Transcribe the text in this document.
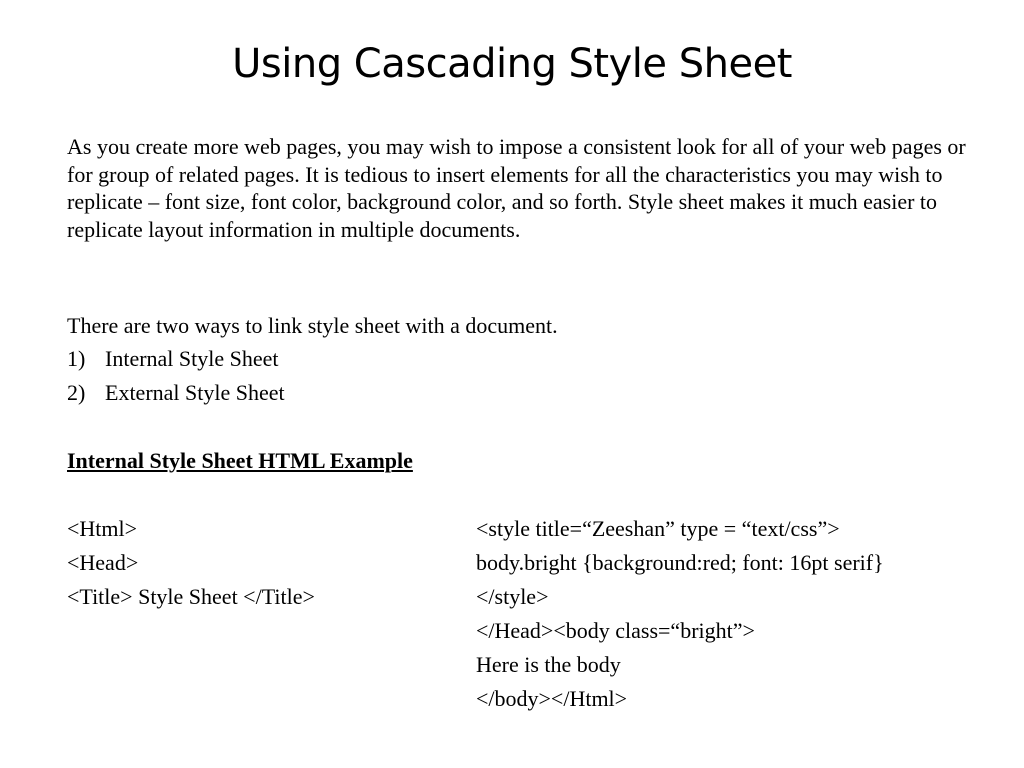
Using Cascading Style Sheet

As you create more web pages, you may wish to impose a consistent look for all of your web pages or for group of related pages. It is tedious to insert elements for all the characteristics you may wish to replicate – font size, font color, background color, and so forth. Style sheet makes it much easier to replicate layout information in multiple documents.

There are two ways to link style sheet with a document.
1) Internal Style Sheet
2) External Style Sheet
Internal Style Sheet HTML Example
<Html>
<Head>
<Title> Style Sheet </Title>
<style title=“Zeeshan” type = “text/css”>
body.bright {background:red; font: 16pt serif}
</style>
</Head><body class=“bright”>
Here is the body
</body></Html>
